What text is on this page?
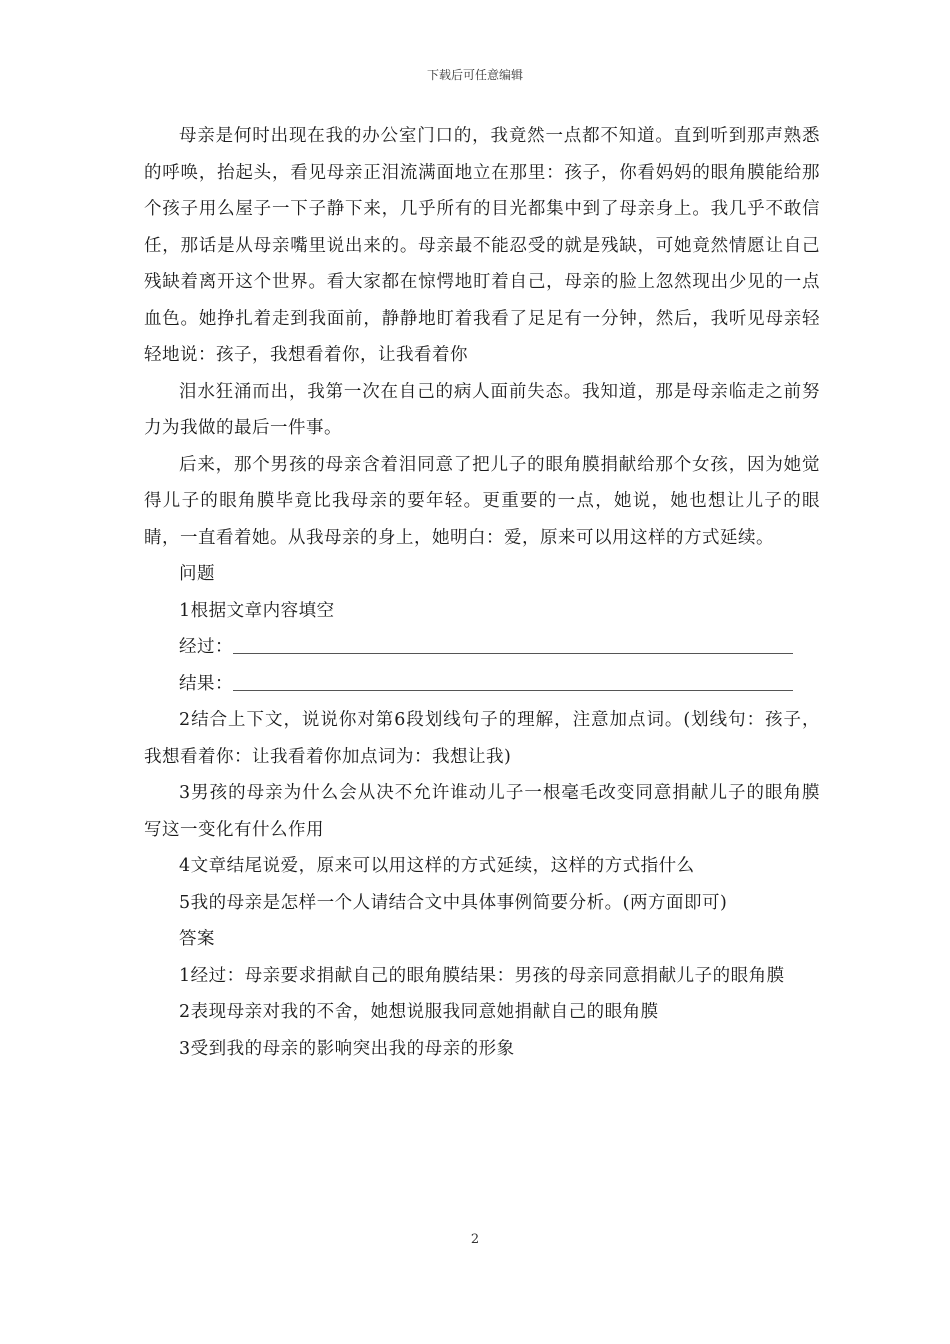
下载后可任意编辑

母亲是何时出现在我的办公室门口的，我竟然一点都不知道。直到听到那声熟悉的呼唤，抬起头，看见母亲正泪流满面地立在那里：孩子，你看妈妈的眼角膜能给那个孩子用么屋子一下子静下来，几乎所有的目光都集中到了母亲身上。我几乎不敢信任，那话是从母亲嘴里说出来的。母亲最不能忍受的就是残缺，可她竟然情愿让自己残缺着离开这个世界。看大家都在惊愕地盯着自己，母亲的脸上忽然现出少见的一点血色。她挣扎着走到我面前，静静地盯着我看了足足有一分钟，然后，我听见母亲轻轻地说：孩子，我想看着你，让我看着你

泪水狂涌而出，我第一次在自己的病人面前失态。我知道，那是母亲临走之前努力为我做的最后一件事。

后来，那个男孩的母亲含着泪同意了把儿子的眼角膜捐献给那个女孩，因为她觉得儿子的眼角膜毕竟比我母亲的要年轻。更重要的一点，她说，她也想让儿子的眼睛，一直看着她。从我母亲的身上，她明白：爱，原来可以用这样的方式延续。

问题

1根据文章内容填空

经过：

结果：

2结合上下文，说说你对第6段划线句子的理解，注意加点词。(划线句：孩子，我想看着你：让我看着你加点词为：我想让我)

3男孩的母亲为什么会从决不允许谁动儿子一根毫毛改变同意捐献儿子的眼角膜写这一变化有什么作用

4文章结尾说爱，原来可以用这样的方式延续，这样的方式指什么

5我的母亲是怎样一个人请结合文中具体事例简要分析。(两方面即可)

答案

1经过：母亲要求捐献自己的眼角膜结果：男孩的母亲同意捐献儿子的眼角膜

2表现母亲对我的不舍，她想说服我同意她捐献自己的眼角膜

3受到我的母亲的影响突出我的母亲的形象

2
